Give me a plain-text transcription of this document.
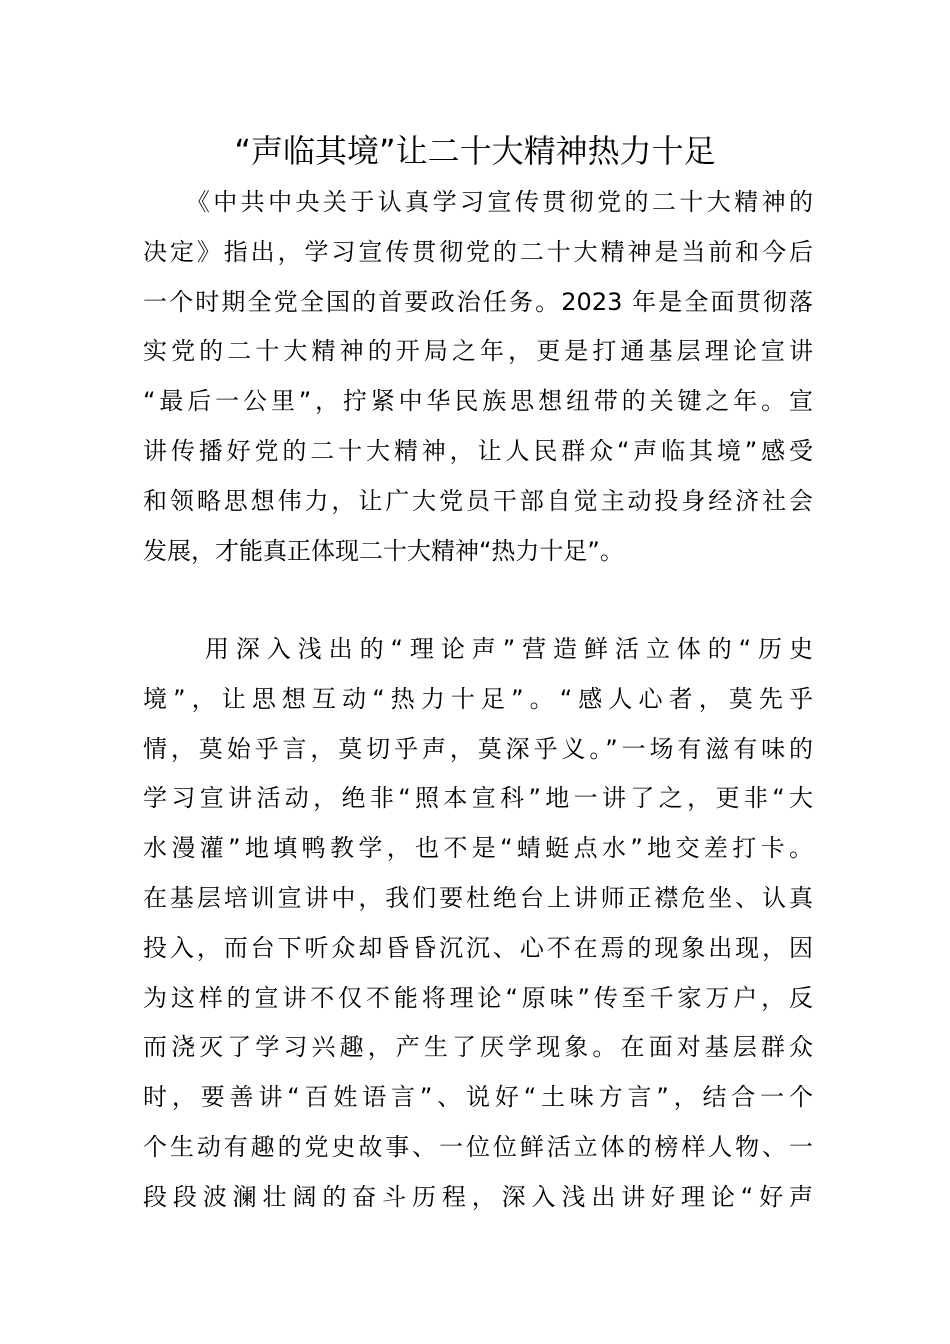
“声临其境”让二十大精神热力十足

　　《中共中央关于认真学习宣传贯彻党的二十大精神的
决定》指出，学习宣传贯彻党的二十大精神是当前和今后
一个时期全党全国的首要政治任务。2023 年是全面贯彻落
实党的二十大精神的开局之年，更是打通基层理论宣讲
“最后一公里”，拧紧中华民族思想纽带的关键之年。宣
讲传播好党的二十大精神，让人民群众“声临其境”感受
和领略思想伟力，让广大党员干部自觉主动投身经济社会
发展，才能真正体现二十大精神“热力十足”。

　　用深入浅出的“理论声”营造鲜活立体的“历史
境”，让思想互动“热力十足”。“感人心者，莫先乎
情，莫始乎言，莫切乎声，莫深乎义。”一场有滋有味的
学习宣讲活动，绝非“照本宣科”地一讲了之，更非“大
水漫灌”地填鸭教学，也不是“蜻蜓点水”地交差打卡。
在基层培训宣讲中，我们要杜绝台上讲师正襟危坐、认真
投入，而台下听众却昏昏沉沉、心不在焉的现象出现，因
为这样的宣讲不仅不能将理论“原味”传至千家万户，反
而浇灭了学习兴趣，产生了厌学现象。在面对基层群众
时，要善讲“百姓语言”、说好“土味方言”，结合一个
个生动有趣的党史故事、一位位鲜活立体的榜样人物、一
段段波澜壮阔的奋斗历程，深入浅出讲好理论“好声
